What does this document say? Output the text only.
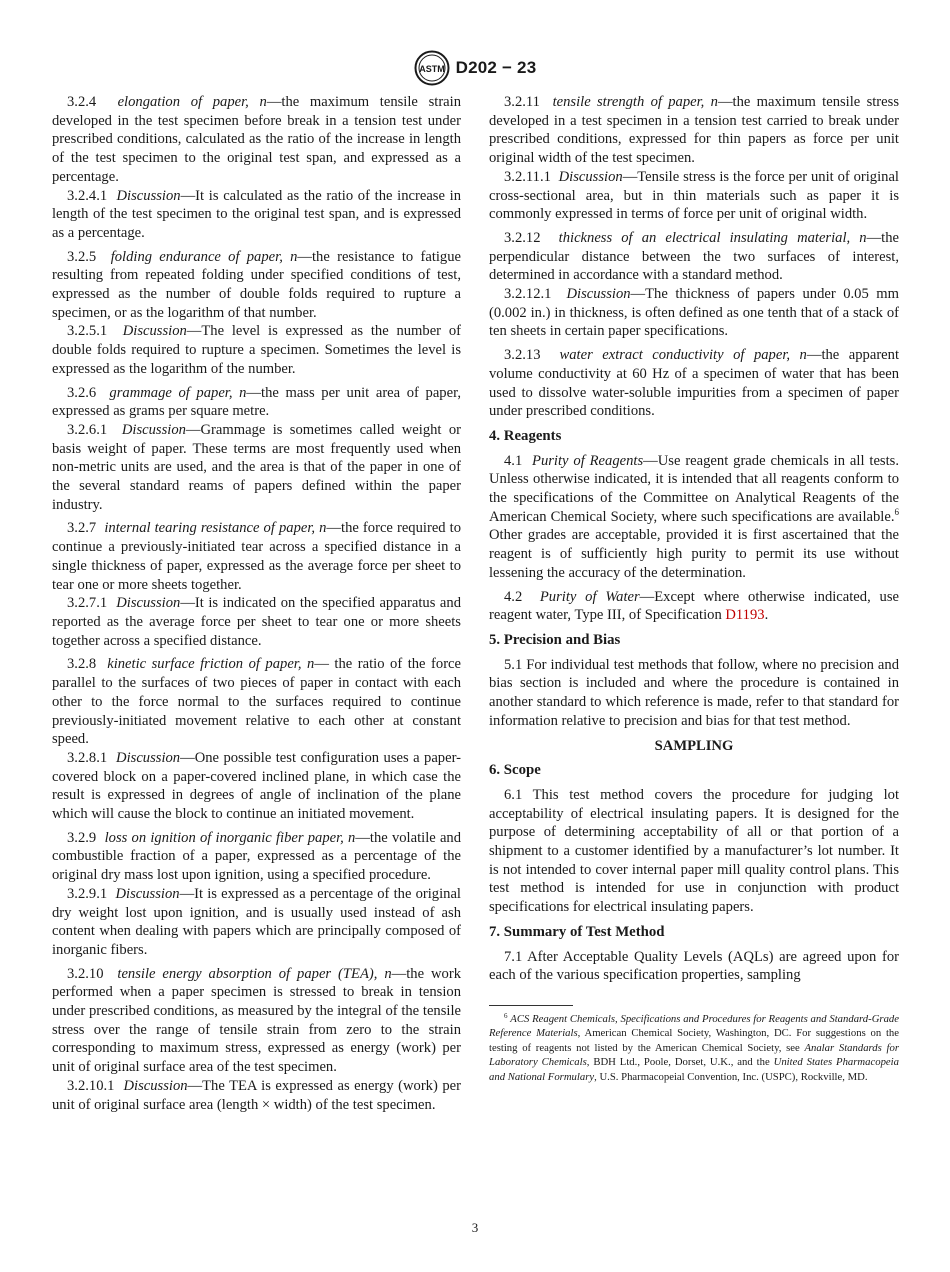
ASTM D202 − 23

3.2.4 elongation of paper, n—the maximum tensile strain developed in the test specimen before break in a tension test under prescribed conditions, calculated as the ratio of the increase in length of the test specimen to the original test span, and expressed as a percentage.

3.2.4.1 Discussion—It is calculated as the ratio of the increase in length of the test specimen to the original test span, and is expressed as a percentage.

3.2.5 folding endurance of paper, n—the resistance to fatigue resulting from repeated folding under specified conditions of test, expressed as the number of double folds required to rupture a specimen, or as the logarithm of that number.

3.2.5.1 Discussion—The level is expressed as the number of double folds required to rupture a specimen. Sometimes the level is expressed as the logarithm of the number.

3.2.6 grammage of paper, n—the mass per unit area of paper, expressed as grams per square metre.

3.2.6.1 Discussion—Grammage is sometimes called weight or basis weight of paper. These terms are most frequently used when non-metric units are used, and the area is that of the paper in one of the several standard reams of papers defined within the paper industry.

3.2.7 internal tearing resistance of paper, n—the force required to continue a previously-initiated tear across a specified distance in a single thickness of paper, expressed as the average force per sheet to tear one or more sheets together.

3.2.7.1 Discussion—It is indicated on the specified apparatus and reported as the average force per sheet to tear one or more sheets together across a specified distance.

3.2.8 kinetic surface friction of paper, n— the ratio of the force parallel to the surfaces of two pieces of paper in contact with each other to the force normal to the surfaces required to continue previously-initiated movement relative to each other at constant speed.

3.2.8.1 Discussion—One possible test configuration uses a paper-covered block on a paper-covered inclined plane, in which case the result is expressed in degrees of angle of inclination of the plane which will cause the block to continue an initiated movement.

3.2.9 loss on ignition of inorganic fiber paper, n—the volatile and combustible fraction of a paper, expressed as a percentage of the original dry mass lost upon ignition, using a specified procedure.

3.2.9.1 Discussion—It is expressed as a percentage of the original dry weight lost upon ignition, and is usually used instead of ash content when dealing with papers which are principally composed of inorganic fibers.

3.2.10 tensile energy absorption of paper (TEA), n—the work performed when a paper specimen is stressed to break in tension under prescribed conditions, as measured by the integral of the tensile stress over the range of tensile strain from zero to the strain corresponding to maximum stress, expressed as energy (work) per unit of original surface area of the test specimen.

3.2.10.1 Discussion—The TEA is expressed as energy (work) per unit of original surface area (length × width) of the test specimen.

3.2.11 tensile strength of paper, n—the maximum tensile stress developed in a test specimen in a tension test carried to break under prescribed conditions, expressed for thin papers as force per unit original width of the test specimen.

3.2.11.1 Discussion—Tensile stress is the force per unit of original cross-sectional area, but in thin materials such as paper it is commonly expressed in terms of force per unit of original width.

3.2.12 thickness of an electrical insulating material, n—the perpendicular distance between the two surfaces of interest, determined in accordance with a standard method.

3.2.12.1 Discussion—The thickness of papers under 0.05 mm (0.002 in.) in thickness, is often defined as one tenth that of a stack of ten sheets in certain paper specifications.

3.2.13 water extract conductivity of paper, n—the apparent volume conductivity at 60 Hz of a specimen of water that has been used to dissolve water-soluble impurities from a specimen of paper under prescribed conditions.

4. Reagents

4.1 Purity of Reagents—Use reagent grade chemicals in all tests. Unless otherwise indicated, it is intended that all reagents conform to the specifications of the Committee on Analytical Reagents of the American Chemical Society, where such specifications are available.$^6$ Other grades are acceptable, provided it is first ascertained that the reagent is of sufficiently high purity to permit its use without lessening the accuracy of the determination.

4.2 Purity of Water—Except where otherwise indicated, use reagent water, Type III, of Specification D1193.

5. Precision and Bias

5.1 For individual test methods that follow, where no precision and bias section is included and where the procedure is contained in another standard to which reference is made, refer to that standard for information relative to precision and bias for that test method.

SAMPLING
6. Scope

6.1 This test method covers the procedure for judging lot acceptability of electrical insulating papers. It is designed for the purpose of determining acceptability of all or that portion of a shipment to a customer identified by a manufacturer’s lot number. It is not intended to cover internal paper mill quality control plans. This test method is intended for use in conjunction with product specifications for electrical insulating papers.

7. Summary of Test Method

7.1 After Acceptable Quality Levels (AQLs) are agreed upon for each of the various specification properties, sampling

$^6$ ACS Reagent Chemicals, Specifications and Procedures for Reagents and Standard-Grade Reference Materials, American Chemical Society, Washington, DC. For suggestions on the testing of reagents not listed by the American Chemical Society, see Analar Standards for Laboratory Chemicals, BDH Ltd., Poole, Dorset, U.K., and the United States Pharmacopeia and National Formulary, U.S. Pharmacopeial Convention, Inc. (USPC), Rockville, MD.

3
